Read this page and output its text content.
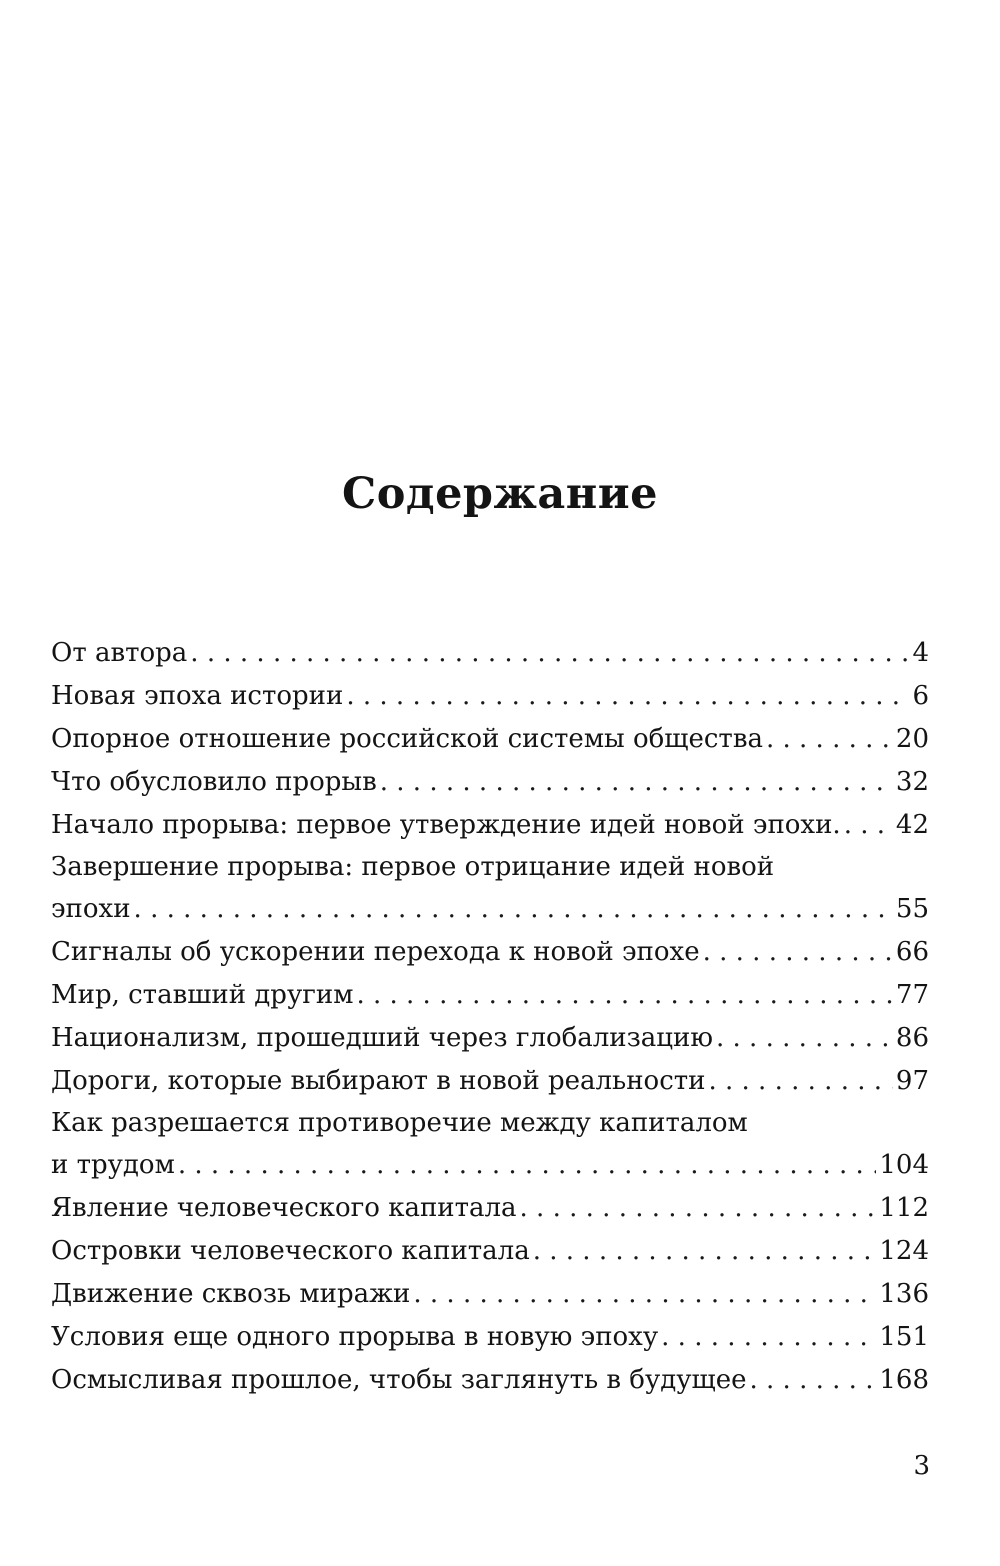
Содержание
От автора . . .	4
Новая эпоха истории . . .	6
Опорное отношение российской системы общества . . .	20
Что обусловило прорыв . . .	32
Начало прорыва: первое утверждение идей новой эпохи. . . . 42
Завершение прорыва: первое отрицание идей новой
эпохи . . .	55
Сигналы об ускорении перехода к новой эпохе . . .	66
Мир, ставший другим . . .	77
Национализм, прошедший через глобализацию . . .	86
Дороги, которые выбирают в новой реальности . . .	97
Как разрешается противоречие между капиталом
и трудом . . .	104
Явление человеческого капитала . . .	112
Островки человеческого капитала . . .	124
Движение сквозь миражи . . .	136
Условия еще одного прорыва в новую эпоху . . .	151
Осмысливая прошлое, чтобы заглянуть в будущее . . .	168
3
